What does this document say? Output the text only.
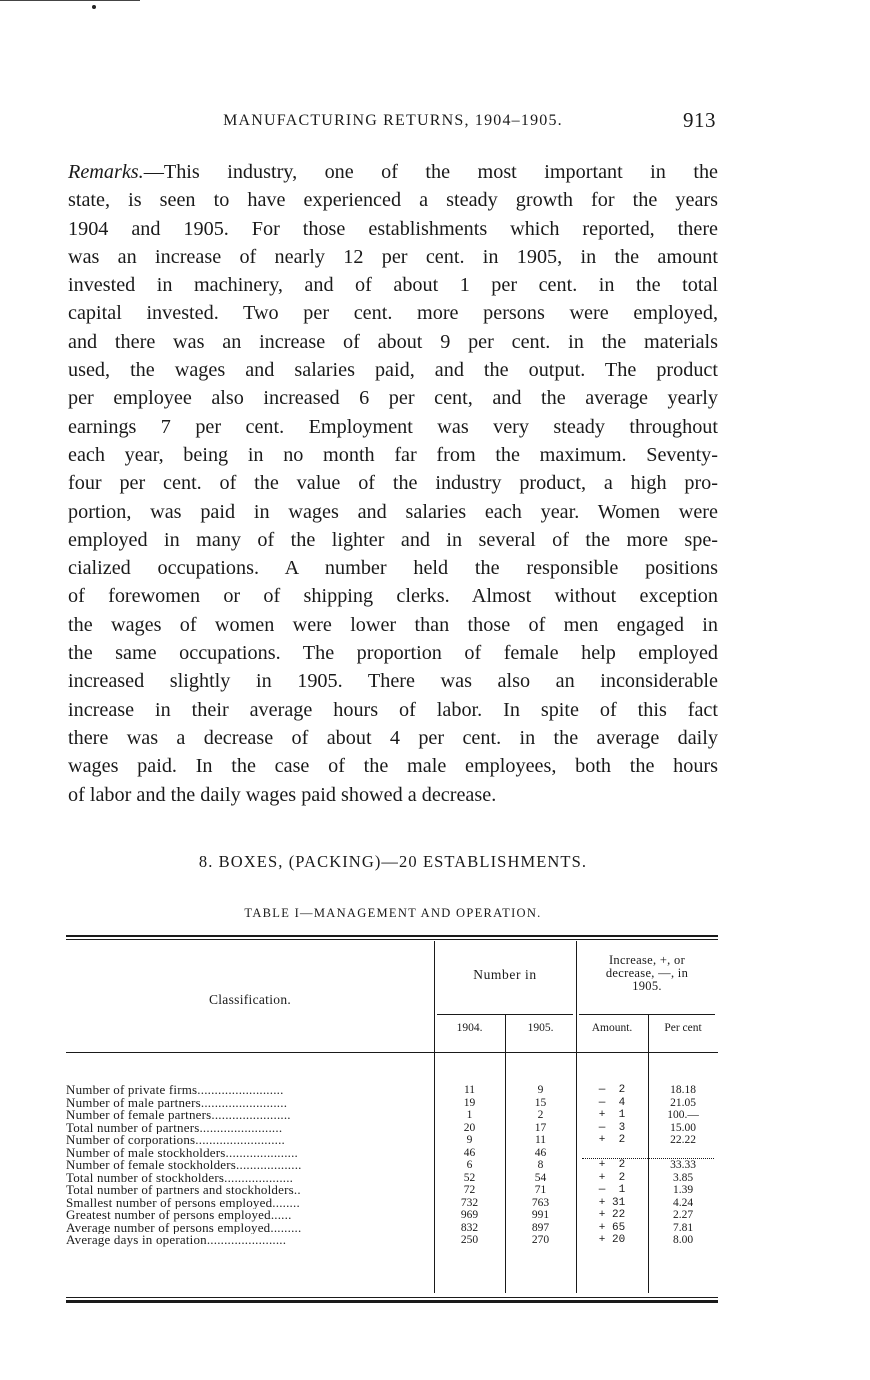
MANUFACTURING RETURNS, 1904–1905.	913
Remarks.—This industry, one of the most important in the
state, is seen to have experienced a steady growth for the years
1904 and 1905. For those establishments which reported, there
was an increase of nearly 12 per cent. in 1905, in the amount
invested in machinery, and of about 1 per cent. in the total
capital invested. Two per cent. more persons were employed,
and there was an increase of about 9 per cent. in the materials
used, the wages and salaries paid, and the output. The product
per employee also increased 6 per cent, and the average yearly
earnings 7 per cent. Employment was very steady throughout
each year, being in no month far from the maximum. Seventy-
four per cent. of the value of the industry product, a high pro-
portion, was paid in wages and salaries each year. Women were
employed in many of the lighter and in several of the more spe-
cialized occupations. A number held the responsible positions
of forewomen or of shipping clerks. Almost without exception
the wages of women were lower than those of men engaged in
the same occupations. The proportion of female help employed
increased slightly in 1905. There was also an inconsiderable
increase in their average hours of labor. In spite of this fact
there was a decrease of about 4 per cent. in the average daily
wages paid. In the case of the male employees, both the hours
of labor and the daily wages paid showed a decrease.
8. BOXES, (PACKING)—20 ESTABLISHMENTS.
TABLE I—MANAGEMENT AND OPERATION.
Classification.
Number in
Increase, +, or
decrease, —, in
1905.
1904.	1905.	Amount.	Per cent
Number of private firms.........................	11	9	—  2	18.18
Number of male partners.........................	19	15	—  4	21.05
Number of female partners.......................	1	2	+  1	100.—
Total number of partners........................	20	17	—  3	15.00
Number of corporations..........................	9	11	+  2	22.22
Number of male stockholders.....................	46	46
Number of female stockholders...................	6	8	+  2	33.33
Total number of stockholders....................	52	54	+  2	3.85
Total number of partners and stockholders..	72	71	—  1	1.39
Smallest number of persons employed........	732	763	+ 31	4.24
Greatest number of persons employed......	969	991	+ 22	2.27
Average number of persons employed.........	832	897	+ 65	7.81
Average days in operation.......................	250	270	+ 20	8.00
